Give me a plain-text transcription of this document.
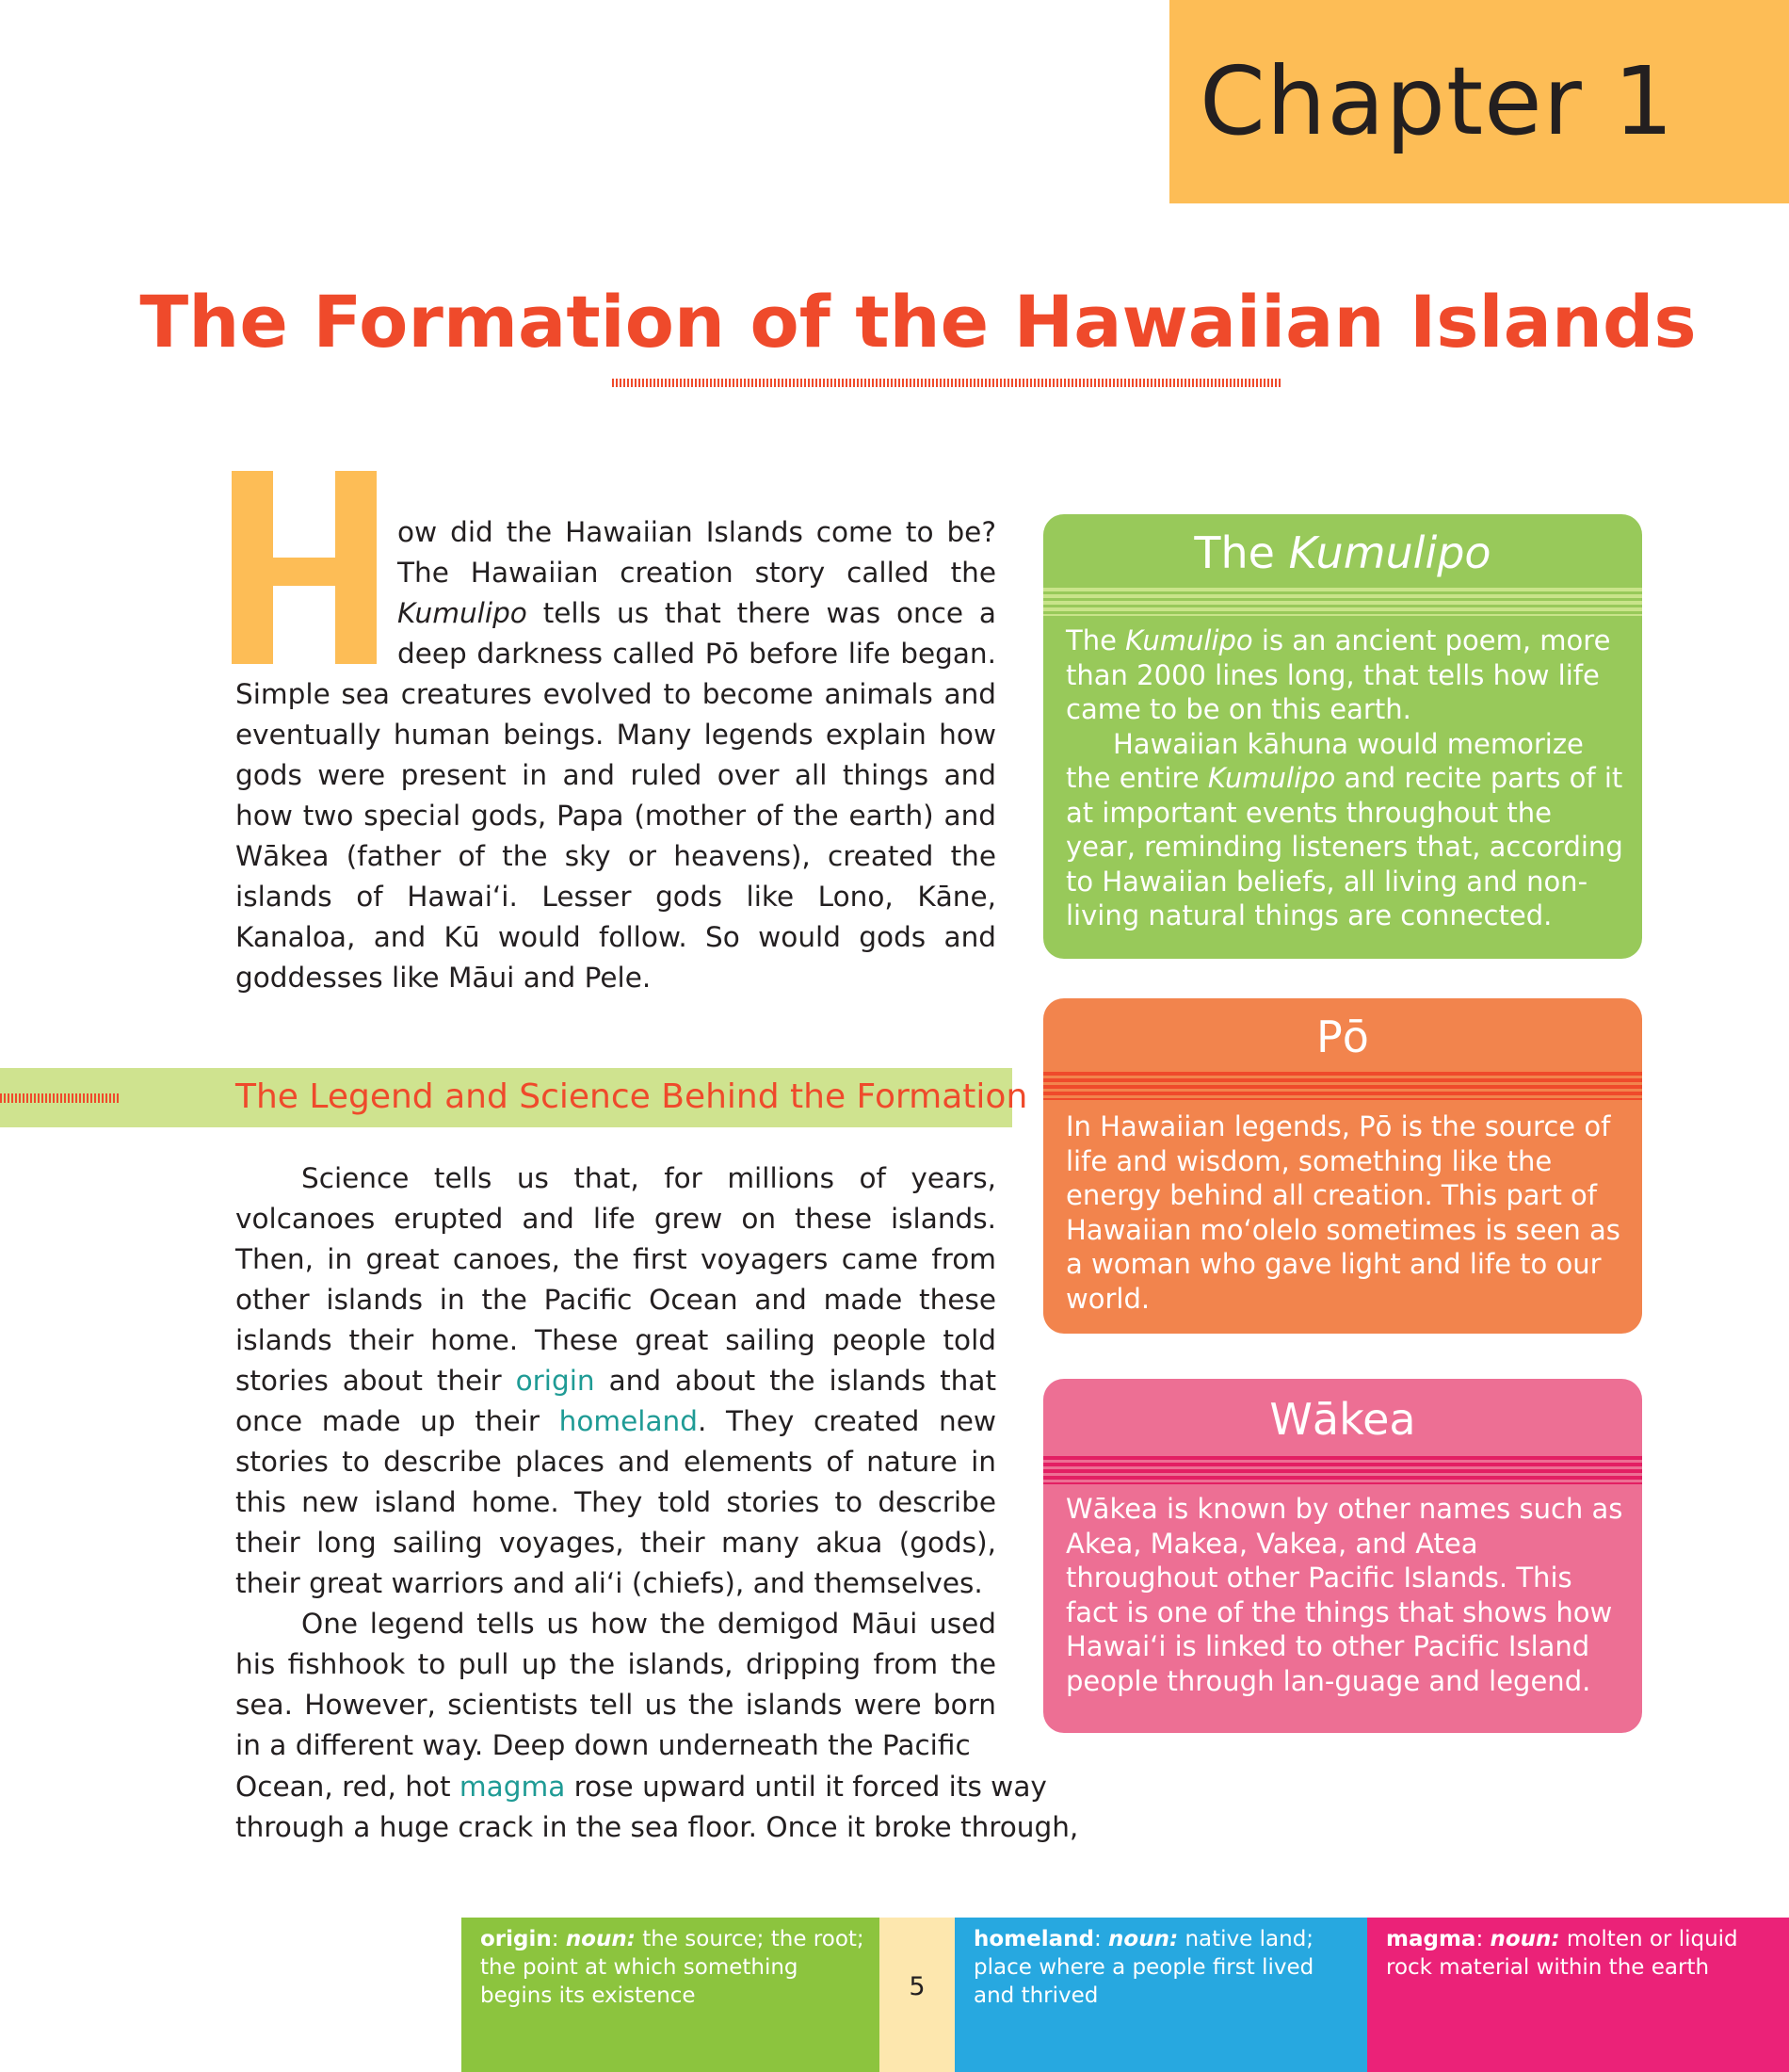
Chapter 1
The Formation of the Hawaiian Islands

ow did the Hawaiian Islands come to be? The Hawaiian creation story called the Kumulipo tells us that there was once a deep darkness called Pō before life began. Simple sea creatures evolved to become animals and eventually human beings. Many legends explain how gods were present in and ruled over all things and how two special gods, Papa (mother of the earth) and Wākea (father of the sky or heavens), created the islands of Hawaiʻi. Lesser gods like Lono, Kāne, Kanaloa, and Kū would follow. So would gods and goddesses like Māui and Pele.

The Legend and Science Behind the Formation

Science tells us that, for millions of years, volcanoes erupted and life grew on these islands. Then, in great canoes, the first voyagers came from other islands in the Pacific Ocean and made these islands their home. These great sailing people told stories about their origin and about the islands that once made up their homeland. They created new stories to describe places and elements of nature in this new island home. They told stories to describe their long sailing voyages, their many akua (gods), their great warriors and aliʻi (chiefs), and themselves.

One legend tells us how the demigod Māui used his fishhook to pull up the islands, dripping from the sea. However, scientists tell us the islands were born in a different way. Deep down underneath the Pacific

Ocean, red, hot magma rose upward until it forced its way
through a huge crack in the sea floor. Once it broke through,
The Kumulipo

The Kumulipo is an ancient poem, more than 2000 lines long, that tells how life came to be on this earth.

Hawaiian kāhuna would memorize the entire Kumulipo and recite parts of it at important events throughout the year, reminding listeners that, according to Hawaiian beliefs, all living and non-living natural things are connected.

Pō
In Hawaiian legends, Pō is the source of life and wisdom, something like the energy behind all creation. This part of Hawaiian moʻolelo sometimes is seen as a woman who gave light and life to our world.
Wākea
Wākea is known by other names such as Akea, Makea, Vakea, and Atea throughout other Pacific Islands. This fact is one of the things that shows how Hawaiʻi is linked to other Pacific Island people through lan-guage and legend.
origin: noun: the source; the root; the point at which something begins its existence	5
homeland: noun: native land; place where a people first lived and thrived
magma: noun: molten or liquid rock material within the earth
